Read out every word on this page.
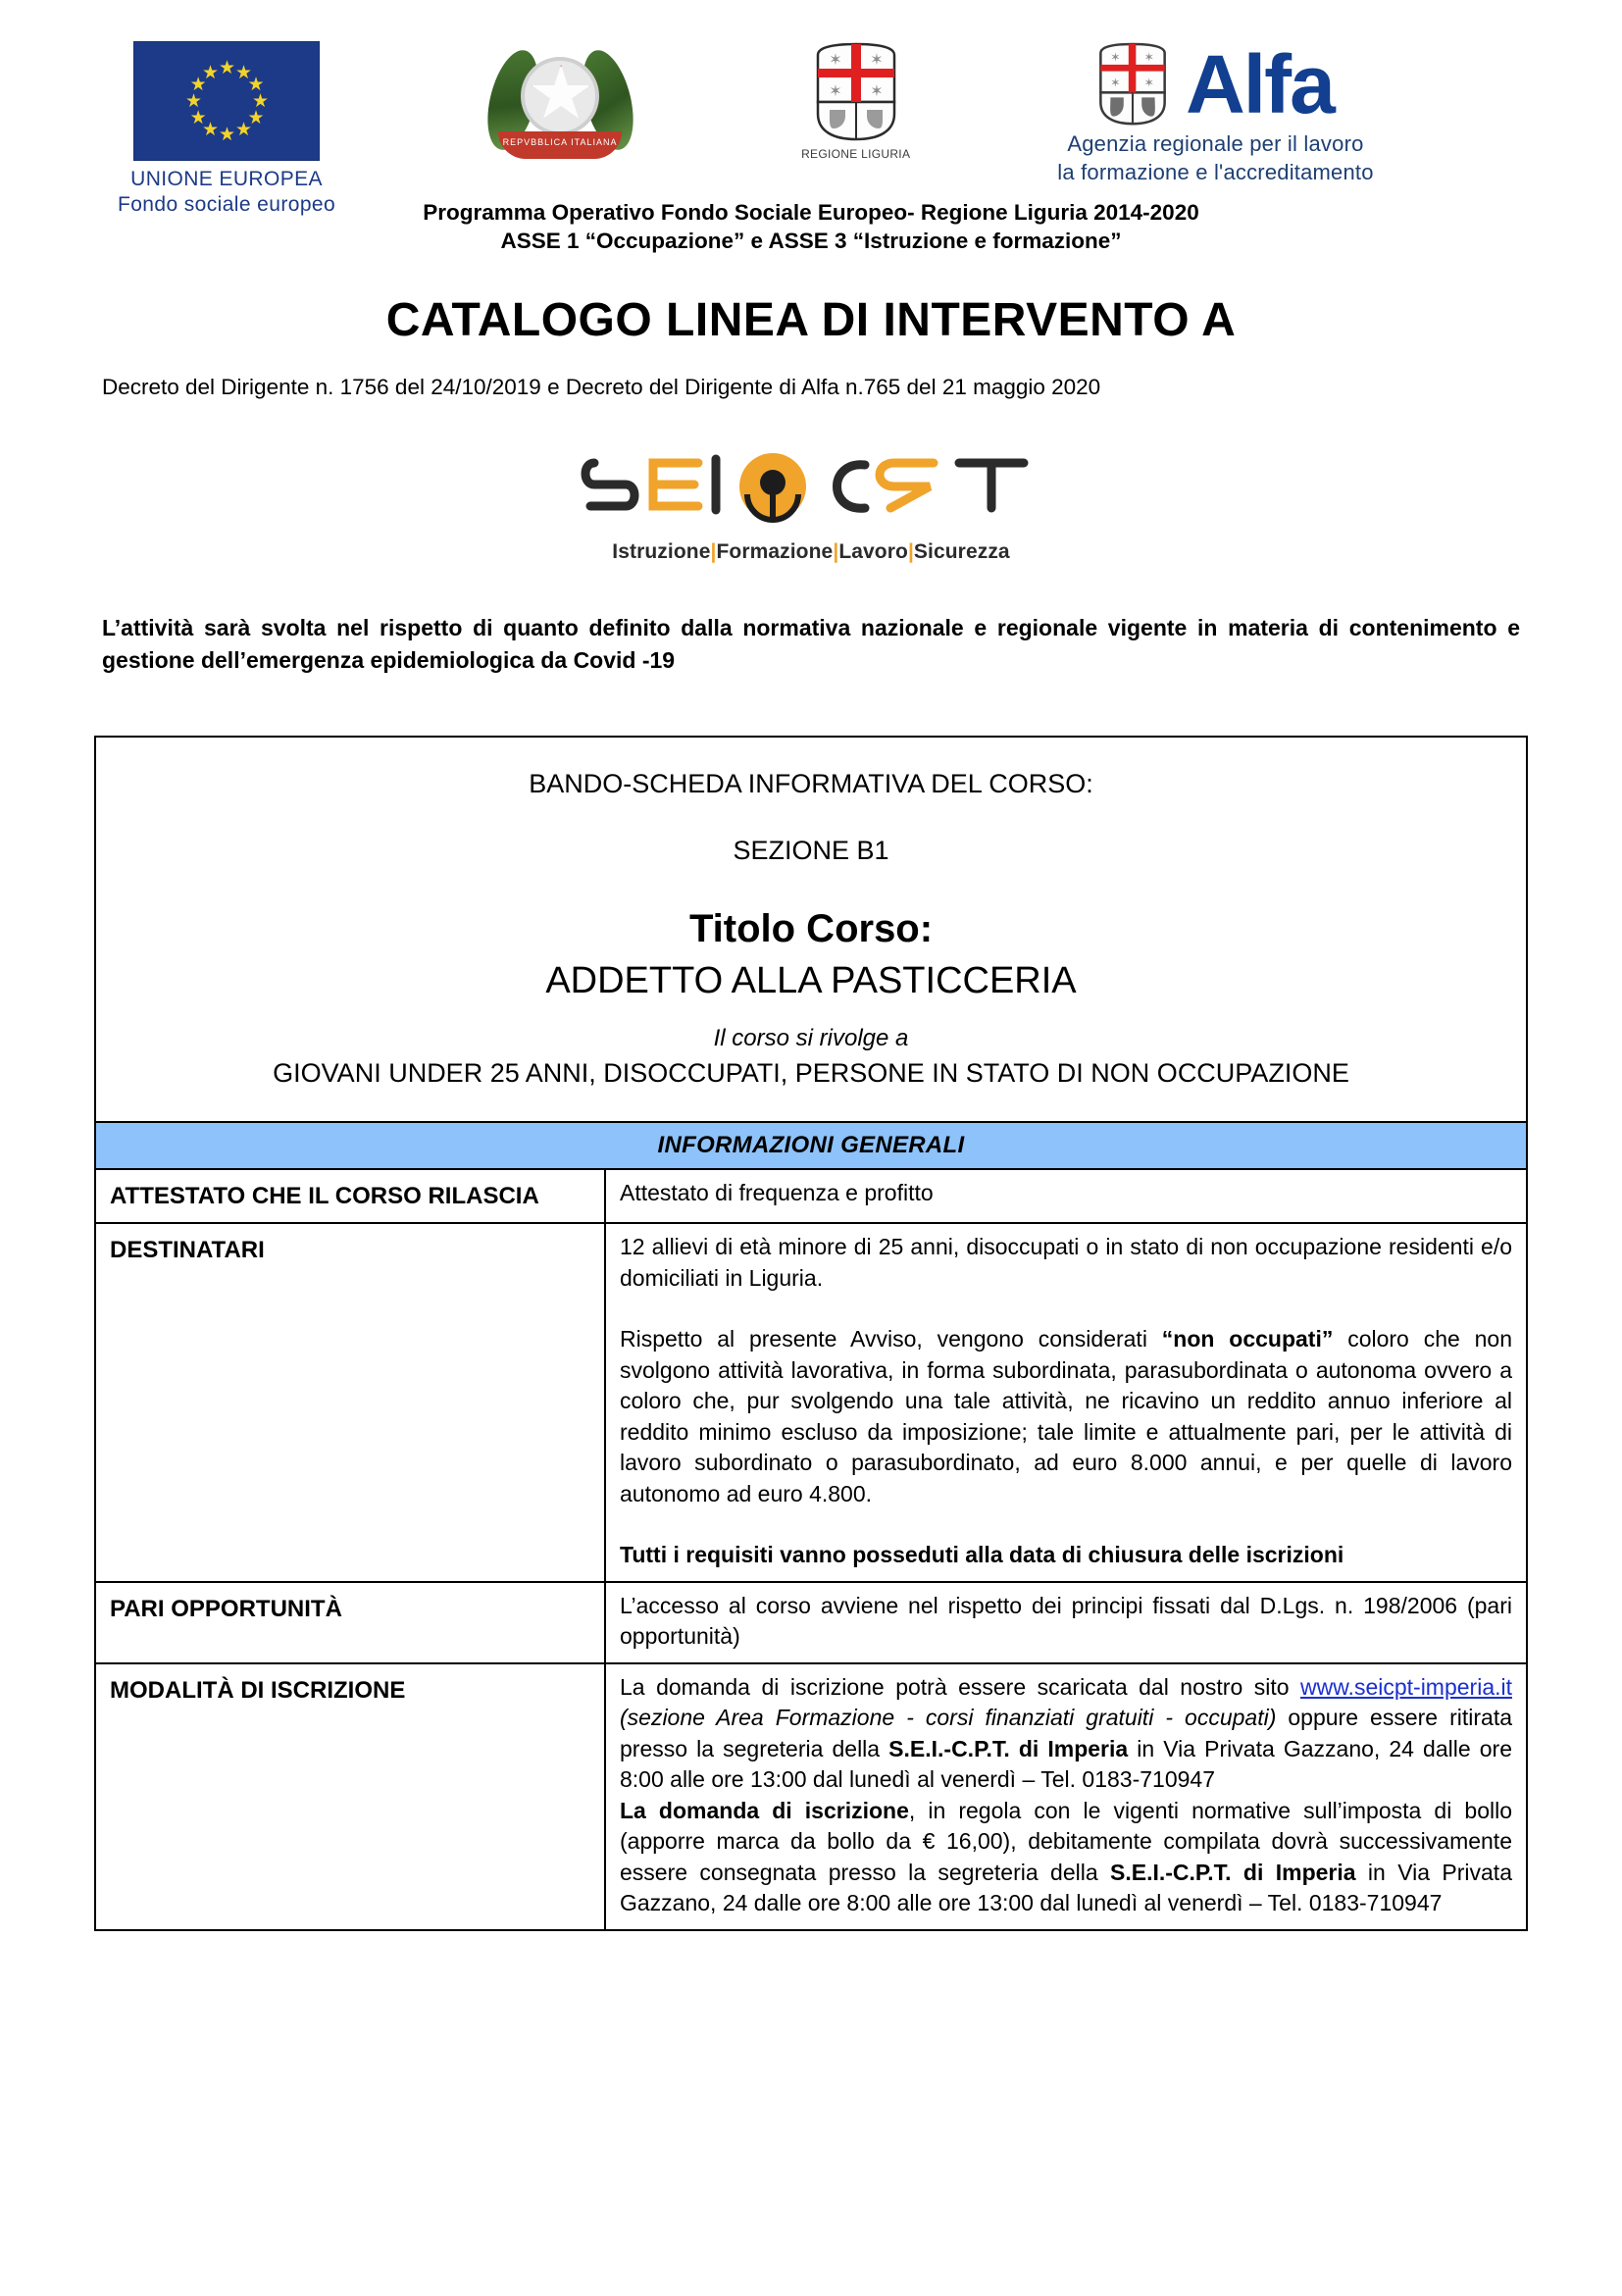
★ ★
★
★
★
★
★
★
★
★
★
★
UNIONE EUROPEA
Fondo sociale europeo
REPVBBLICA ITALIANA
✶ ✶
✶ ✶
REGIONE LIGURIA
✶ ✶
✶ ✶ Alfa
Agenzia regionale per il lavoro
la formazione e l'accreditamento
Programma Operativo Fondo Sociale Europeo- Regione Liguria 2014-2020
ASSE 1 “Occupazione” e ASSE 3 “Istruzione e formazione”
CATALOGO LINEA DI INTERVENTO A
Decreto del Dirigente n. 1756 del 24/10/2019 e Decreto del Dirigente di Alfa n.765 del 21 maggio 2020
Istruzione|Formazione|Lavoro|Sicurezza
L’attività sarà svolta nel rispetto di quanto definito dalla normativa nazionale e regionale vigente in materia di contenimento e gestione dell’emergenza epidemiologica da Covid -19
BANDO-SCHEDA INFORMATIVA DEL CORSO:
SEZIONE B1
Titolo Corso:
ADDETTO ALLA PASTICCERIA
Il corso si rivolge a
GIOVANI UNDER 25 ANNI, DISOCCUPATI, PERSONE IN STATO DI NON OCCUPAZIONE

INFORMAZIONI GENERALI	
ATTESTATO CHE IL CORSO RILASCIA	Attestato di frequenza e profitto
DESTINATARI	12 allievi di età minore di 25 anni, disoccupati o in stato di non occupazione residenti e/o domiciliati in Liguria.

Rispetto al presente Avviso, vengono considerati “non occupati” coloro che non svolgono attività lavorativa, in forma subordinata, parasubordinata o autonoma ovvero a coloro che, pur svolgendo una tale attività, ne ricavino un reddito annuo inferiore al reddito minimo escluso da imposizione; tale limite e attualmente pari, per le attività di lavoro subordinato o parasubordinato, ad euro 8.000 annui, e per quelle di lavoro autonomo ad euro 4.800.

Tutti i requisiti vanno posseduti alla data di chiusura delle iscrizioni

PARI OPPORTUNITÀ	L’accesso al corso avviene nel rispetto dei principi fissati dal D.Lgs. n. 198/2006 (pari opportunità)
MODALITÀ DI ISCRIZIONE	La domanda di iscrizione potrà essere scaricata dal nostro sito www.seicpt-imperia.it (sezione Area Formazione - corsi finanziati gratuiti - occupati) oppure essere ritirata presso la segreteria della S.E.I.-C.P.T. di Imperia in Via Privata Gazzano, 24 dalle ore 8:00 alle ore 13:00 dal lunedì al venerdì – Tel. 0183-710947

La domanda di iscrizione, in regola con le vigenti normative sull’imposta di bollo (apporre marca da bollo da € 16,00), debitamente compilata dovrà successivamente essere consegnata presso la segreteria della S.E.I.-C.P.T. di Imperia in Via Privata Gazzano, 24 dalle ore 8:00 alle ore 13:00 dal lunedì al venerdì – Tel. 0183-710947
